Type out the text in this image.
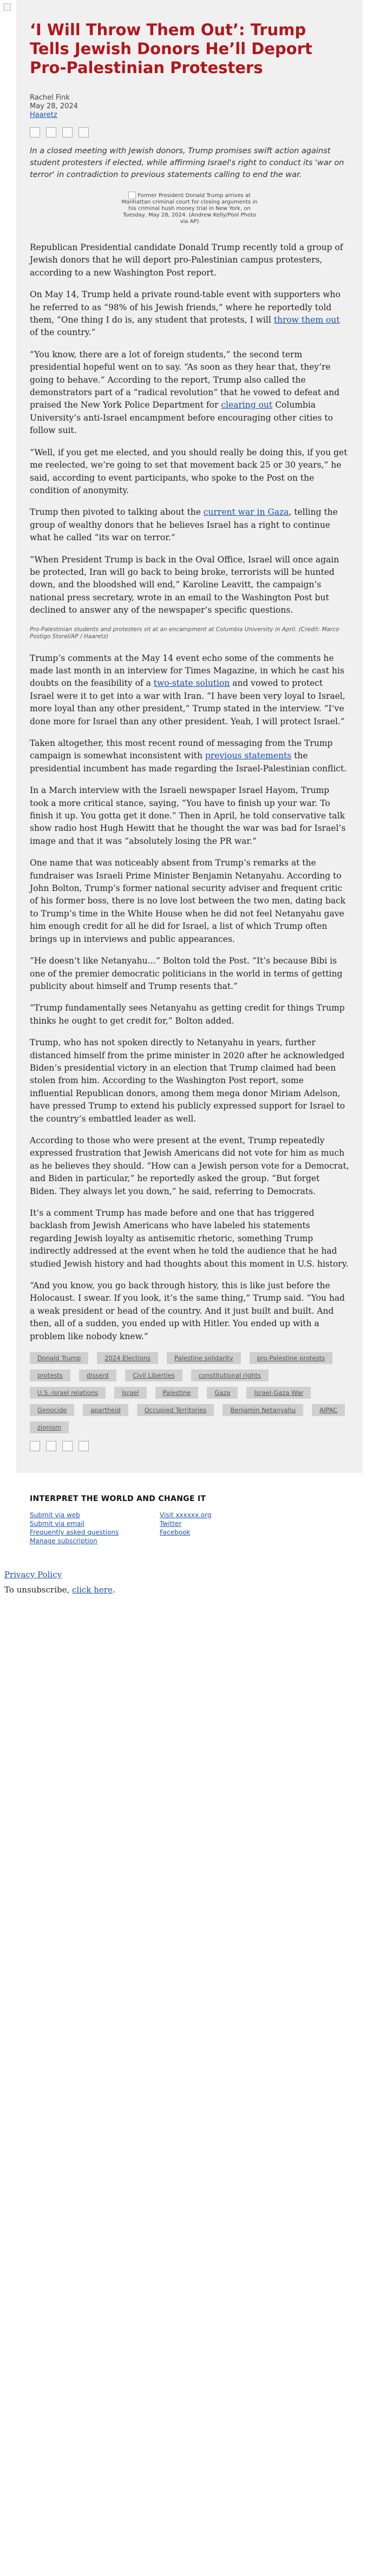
‘I Will Throw Them Out’: Trump Tells Jewish Donors He’ll Deport Pro-Palestinian Protesters
Rachel Fink
May 28, 2024
Haaretz
In a closed meeting with Jewish donors, Trump promises swift action against student protesters if elected, while affirming Israel's right to conduct its 'war on terror' in contradiction to previous statements calling to end the war.
Former President Donald Trump arrives at Manhattan criminal court for closing arguments in his criminal hush money trial in New York, on Tuesday, May 28, 2024. (Andrew Kelly/Pool Photo via AP)

Republican Presidential candidate Donald Trump recently told a group of Jewish donors that he will deport pro-Palestinian campus protesters, according to a new Washington Post report.

On May 14, Trump held a private round-table event with supporters who he referred to as “98% of his Jewish friends,” where he reportedly told them, “One thing I do is, any student that protests, I will throw them out of the country.”

“You know, there are a lot of foreign students,” the second term presidential hopeful went on to say. “As soon as they hear that, they’re going to behave.” According to the report, Trump also called the demonstrators part of a “radical revolution” that he vowed to defeat and praised the New York Police Department for clearing out Columbia University’s anti-Israel encampment before encouraging other cities to follow suit.

“Well, if you get me elected, and you should really be doing this, if you get me reelected, we’re going to set that movement back 25 or 30 years,” he said, according to event participants, who spoke to the Post on the condition of anonymity.

Trump then pivoted to talking about the current war in Gaza, telling the group of wealthy donors that he believes Israel has a right to continue what he called “its war on terror.”

“When President Trump is back in the Oval Office, Israel will once again be protected, Iran will go back to being broke, terrorists will be hunted down, and the bloodshed will end,” Karoline Leavitt, the campaign’s national press secretary, wrote in an email to the Washington Post but declined to answer any of the newspaper’s specific questions.

Pro-Palestinian students and protesters sit at an encampment at Columbia University in April. (Credit: Marco Postigo Storel/AP / Haaretz)

Trump’s comments at the May 14 event echo some of the comments he made last month in an interview for Times Magazine, in which he cast his doubts on the feasibility of a two-state solution and vowed to protect Israel were it to get into a war with Iran. “I have been very loyal to Israel, more loyal than any other president,” Trump stated in the interview. “I’ve done more for Israel than any other president. Yeah, I will protect Israel.”

Taken altogether, this most recent round of messaging from the Trump campaign is somewhat inconsistent with previous statements the presidential incumbent has made regarding the Israel-Palestinian conflict.

In a March interview with the Israeli newspaper Israel Hayom, Trump took a more critical stance, saying, “You have to finish up your war. To finish it up. You gotta get it done.” Then in April, he told conservative talk show radio host Hugh Hewitt that he thought the war was bad for Israel’s image and that it was “absolutely losing the PR war.”

One name that was noticeably absent from Trump’s remarks at the fundraiser was Israeli Prime Minister Benjamin Netanyahu. According to John Bolton, Trump’s former national security adviser and frequent critic of his former boss, there is no love lost between the two men, dating back to Trump’s time in the White House when he did not feel Netanyahu gave him enough credit for all he did for Israel, a list of which Trump often brings up in interviews and public appearances.

“He doesn’t like Netanyahu…” Bolton told the Post. “It’s because Bibi is one of the premier democratic politicians in the world in terms of getting publicity about himself and Trump resents that.”

“Trump fundamentally sees Netanyahu as getting credit for things Trump thinks he ought to get credit for,” Bolton added.

Trump, who has not spoken directly to Netanyahu in years, further distanced himself from the prime minister in 2020 after he acknowledged Biden’s presidential victory in an election that Trump claimed had been stolen from him. According to the Washington Post report, some influential Republican donors, among them mega donor Miriam Adelson, have pressed Trump to extend his publicly expressed support for Israel to the country’s embattled leader as well.

According to those who were present at the event, Trump repeatedly expressed frustration that Jewish Americans did not vote for him as much as he believes they should. “How can a Jewish person vote for a Democrat, and Biden in particular,” he reportedly asked the group. “But forget Biden. They always let you down,” he said, referring to Democrats.

It’s a comment Trump has made before and one that has triggered backlash from Jewish Americans who have labeled his statements regarding Jewish loyalty as antisemitic rhetoric, something Trump indirectly addressed at the event when he told the audience that he had studied Jewish history and had thoughts about this moment in U.S. history.

“And you know, you go back through history, this is like just before the Holocaust. I swear. If you look, it’s the same thing,” Trump said. “You had a weak president or head of the country. And it just built and built. And then, all of a sudden, you ended up with Hitler. You ended up with a problem like nobody knew.”

Donald Trump	2024 Elections	Palestine solidarity	pro-Palestine protests
protests	dissent	Civil Liberties	constitutional rights
U.S.-Israel relations	Israel	Palestine	Gaza	Israel-Gaza War
Genocide	apartheid	Occupied Territories	Benjamin Netanyahu	AIPAC
zionism
INTERPRET THE WORLD AND CHANGE IT
Submit via web
Submit via email
Frequently asked questions
Manage subscription
Visit xxxxxx.org
Twitter
Facebook
Privacy Policy
To unsubscribe, click here.
